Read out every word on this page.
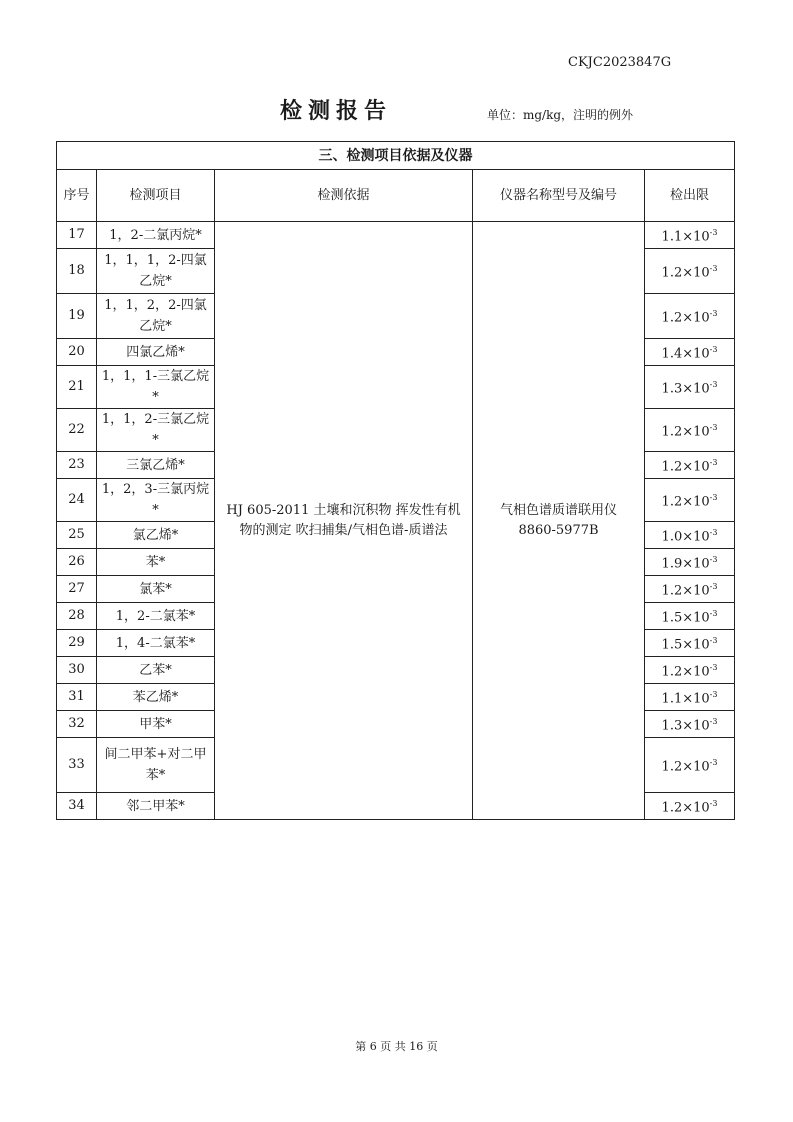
CKJC2023847G
检测报告	单位：mg/kg，注明的例外
三、检测项目依据及仪器				
序号	检测项目	检测依据	仪器名称型号及编号	检出限
17	1，2-二氯丙烷*	HJ 605-2011 土壤和沉积物 挥发性有机物的测定 吹扫捕集/气相色谱-质谱法	气相色谱质谱联用仪 8860-5977B	$1.1\times 10^{-3}$
18	1，1，1，2-四氯乙烷*			$1.2\times 10^{-3}$
19	1，1，2，2-四氯乙烷*			$1.2\times 10^{-3}$
20	四氯乙烯*			$1.4\times 10^{-3}$
21	1，1，1-三氯乙烷*			$1.3\times 10^{-3}$
22	1，1，2-三氯乙烷*			$1.2\times 10^{-3}$
23	三氯乙烯*			$1.2\times 10^{-3}$
24	1，2，3-三氯丙烷*			$1.2\times 10^{-3}$
25	氯乙烯*			$1.0\times 10^{-3}$
26	苯*			$1.9\times 10^{-3}$
27	氯苯*			$1.2\times 10^{-3}$
28	1，2-二氯苯*			$1.5\times 10^{-3}$
29	1，4-二氯苯*			$1.5\times 10^{-3}$
30	乙苯*			$1.2\times 10^{-3}$
31	苯乙烯*			$1.1\times 10^{-3}$
32	甲苯*			$1.3\times 10^{-3}$
33	间二甲苯+对二甲苯*			$1.2\times 10^{-3}$
34	邻二甲苯*			$1.2\times 10^{-3}$
第 6 页 共 16 页
